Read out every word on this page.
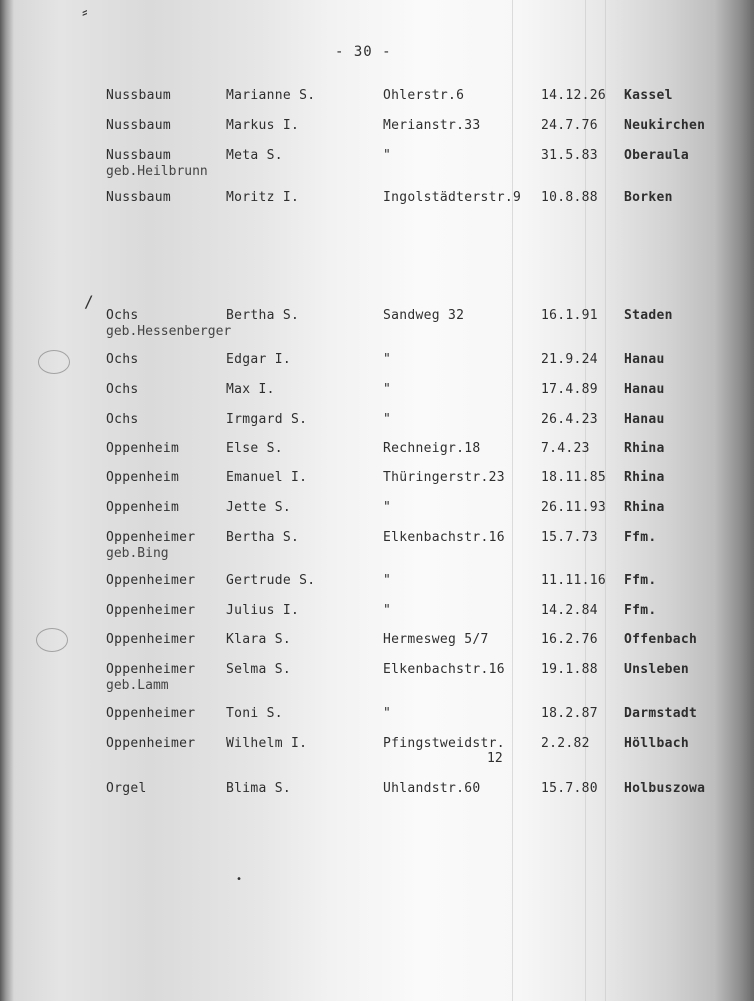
⸗
/
•
- 30 -
Nussbaum	Marianne S.	Ohlerstr.6	14.12.26 Kassel
Nussbaum	Markus I.	Merianstr.33	24.7.76 Neukirchen
Nussbaum	Meta S.	"	31.5.83 Oberaula
geb.Heilbrunn
Nussbaum	Moritz I.	Ingolstädterstr.9 10.8.88 Borken
Ochs	Bertha S.	Sandweg 32	16.1.91 Staden
geb.Hessenberger
Ochs	Edgar I.	"	21.9.24 Hanau
Ochs	Max I.	"	17.4.89 Hanau
Ochs	Irmgard S.	"	26.4.23 Hanau
Oppenheim	Else S.	Rechneigr.18	7.4.23	Rhina
Oppenheim	Emanuel I.	Thüringerstr.23	18.11.85 Rhina
Oppenheim	Jette S.	"	26.11.93 Rhina
Oppenheimer Bertha S.	Elkenbachstr.16	15.7.73 Ffm.
geb.Bing
Oppenheimer Gertrude S.	"	11.11.16 Ffm.
Oppenheimer Julius I.	"	14.2.84 Ffm.
Oppenheimer Klara S.	Hermesweg 5/7	16.2.76 Offenbach
Oppenheimer Selma S.	Elkenbachstr.16	19.1.88 Unsleben
geb.Lamm
Oppenheimer Toni S.	"	18.2.87 Darmstadt
Oppenheimer Wilhelm I.	Pfingstweidstr.	2.2.82	Höllbach
12
Orgel	Blima S.	Uhlandstr.60	15.7.80 Holbuszowa
